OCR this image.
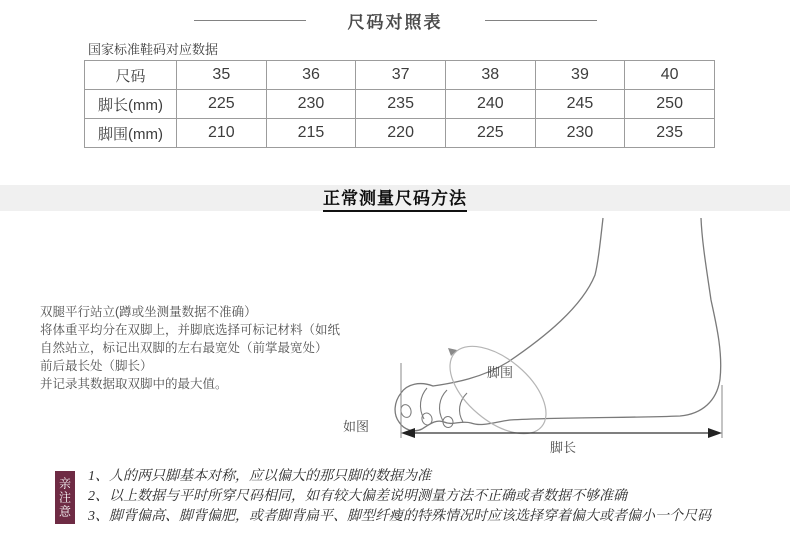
尺码对照表
国家标准鞋码对应数据
尺码	35	36	37	38	39	40
脚长(mm)	225	230	235	240	245	250
脚围(mm)	210	215	220	225	230	235
正常测量尺码方法
双腿平行站立(蹲或坐测量数据不准确）
将体重平均分在双脚上，并脚底选择可标记材料（如纸
自然站立，标记出双脚的左右最宽处（前掌最宽处）
前后最长处（脚长）
并记录其数据取双脚中的最大值。
如图
脚围
脚长
亲注意 1、人的两只脚基本对称，应以偏大的那只脚的数据为准
2、以上数据与平时所穿尺码相同，如有较大偏差说明测量方法不正确或者数据不够准确
3、脚背偏高、脚背偏肥，或者脚背扁平、脚型纤瘦的特殊情况时应该选择穿着偏大或者偏小一个尺码
